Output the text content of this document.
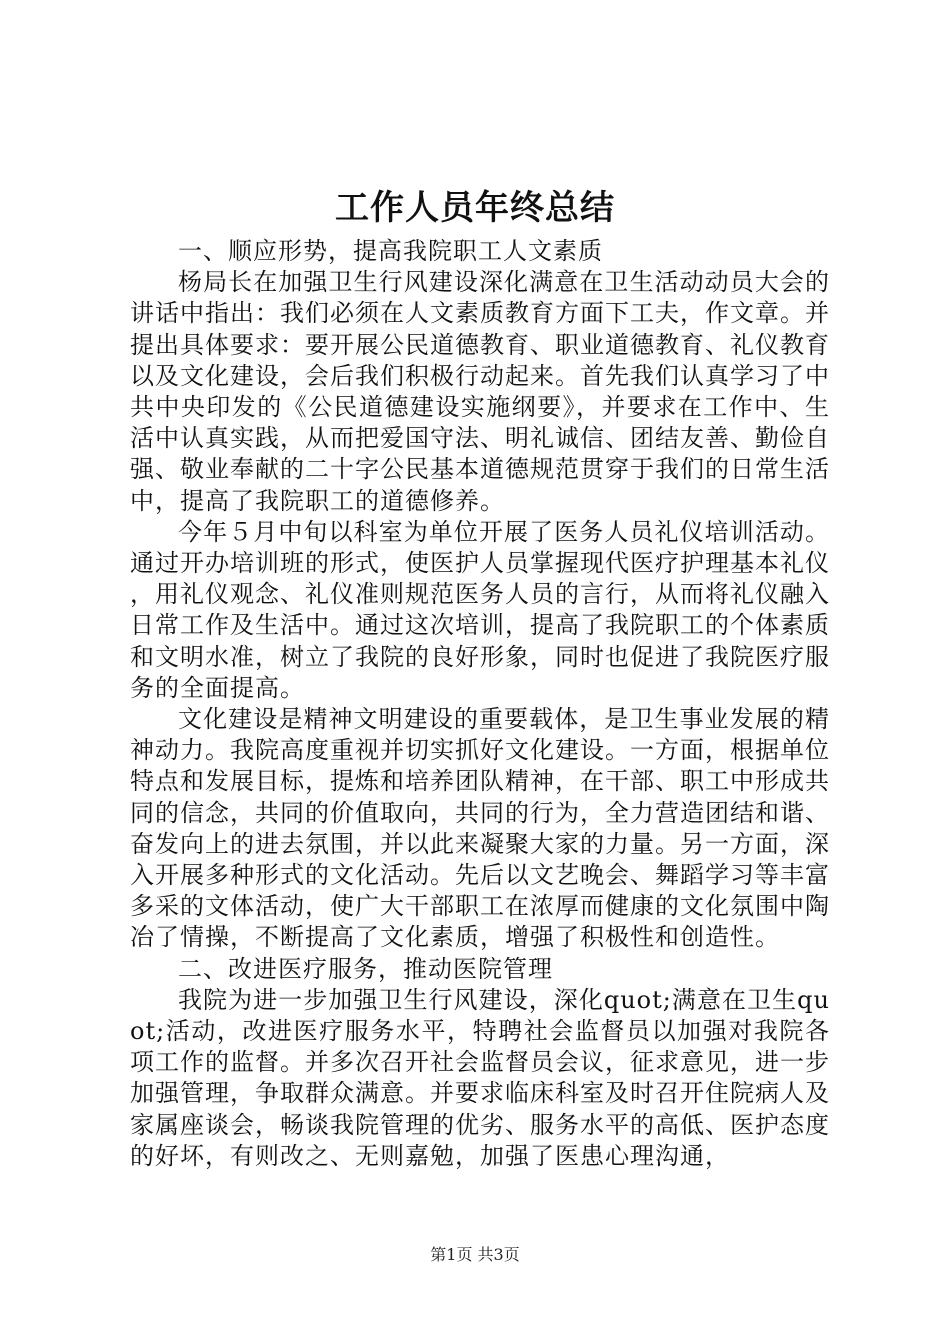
工作人员年终总结

一、顺应形势，提高我院职工人文素质

杨局长在加强卫生行风建设深化满意在卫生活动动员大会的讲话中指出：我们必须在人文素质教育方面下工夫，作文章。并提出具体要求：要开展公民道德教育、职业道德教育、礼仪教育以及文化建设，会后我们积极行动起来。首先我们认真学习了中共中央印发的《公民道德建设实施纲要》，并要求在工作中、生活中认真实践，从而把爱国守法、明礼诚信、团结友善、勤俭自强、敬业奉献的二十字公民基本道德规范贯穿于我们的日常生活中，提高了我院职工的道德修养。

今年５月中旬以科室为单位开展了医务人员礼仪培训活动。通过开办培训班的形式，使医护人员掌握现代医疗护理基本礼仪，用礼仪观念、礼仪准则规范医务人员的言行，从而将礼仪融入日常工作及生活中。通过这次培训，提高了我院职工的个体素质和文明水准，树立了我院的良好形象，同时也促进了我院医疗服务的全面提高。

文化建设是精神文明建设的重要载体，是卫生事业发展的精神动力。我院高度重视并切实抓好文化建设。一方面，根据单位特点和发展目标，提炼和培养团队精神，在干部、职工中形成共同的信念，共同的价值取向，共同的行为，全力营造团结和谐、奋发向上的进去氛围，并以此来凝聚大家的力量。另一方面，深入开展多种形式的文化活动。先后以文艺晚会、舞蹈学习等丰富多采的文体活动，使广大干部职工在浓厚而健康的文化氛围中陶冶了情操，不断提高了文化素质，增强了积极性和创造性。

二、改进医疗服务，推动医院管理

我院为进一步加强卫生行风建设，深化quot;满意在卫生quot;活动，改进医疗服务水平，特聘社会监督员以加强对我院各项工作的监督。并多次召开社会监督员会议，征求意见，进一步加强管理，争取群众满意。并要求临床科室及时召开住院病人及家属座谈会，畅谈我院管理的优劣、服务水平的高低、医护态度的好坏，有则改之、无则嘉勉，加强了医患心理沟通，

第1页 共3页
